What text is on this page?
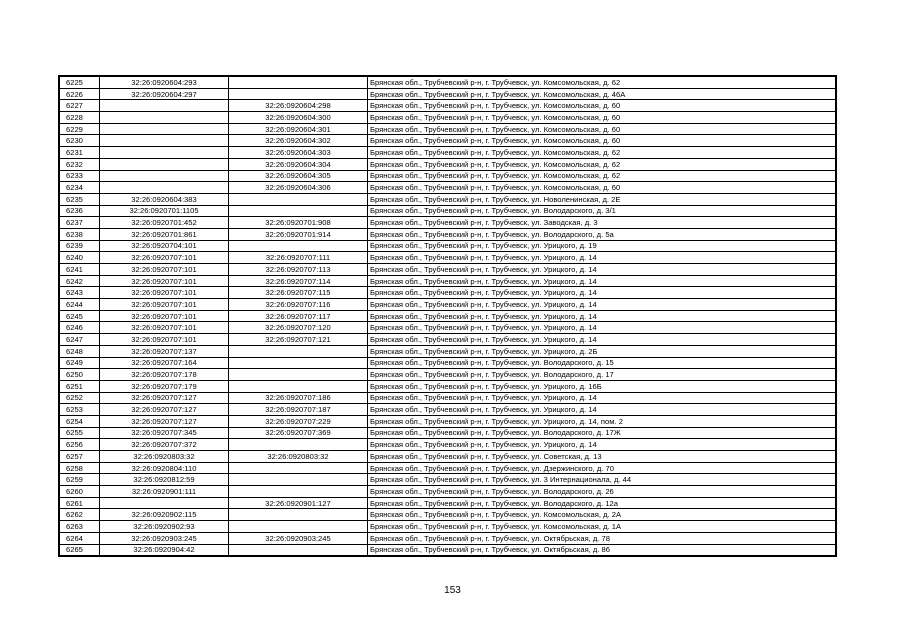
6225	32:26:0920604:293		Брянская обл., Трубчевский р-н, г. Трубчевск, ул. Комсомольская, д. 62
6226	32:26:0920604:297		Брянская обл., Трубчевский р-н, г. Трубчевск, ул. Комсомольская, д. 46А
6227		32:26:0920604:298	Брянская обл., Трубчевский р-н, г. Трубчевск, ул. Комсомольская, д. 60
6228		32:26:0920604:300	Брянская обл., Трубчевский р-н, г. Трубчевск, ул. Комсомольская, д. 60
6229		32:26:0920604:301	Брянская обл., Трубчевский р-н, г. Трубчевск, ул. Комсомольская, д. 60
6230		32:26:0920604:302	Брянская обл., Трубчевский р-н, г. Трубчевск, ул. Комсомольская, д. 60
6231		32:26:0920604:303	Брянская обл., Трубчевский р-н, г. Трубчевск, ул. Комсомольская, д. 62
6232		32:26:0920604:304	Брянская обл., Трубчевский р-н, г. Трубчевск, ул. Комсомольская, д. 62
6233		32:26:0920604:305	Брянская обл., Трубчевский р-н, г. Трубчевск, ул. Комсомольская, д. 62
6234		32:26:0920604:306	Брянская обл., Трубчевский р-н, г. Трубчевск, ул. Комсомольская, д. 60
6235	32:26:0920604:383		Брянская обл., Трубчевский р-н, г. Трубчевск, ул. Новоленинская, д. 2Е
6236	32:26:0920701:1105		Брянская обл., Трубчевский р-н, г. Трубчевск, ул. Володарского, д. 3/1
6237	32:26:0920701:452	32:26:0920701:908	Брянская обл., Трубчевский р-н, г. Трубчевск, ул. Заводская, д. 3
6238	32:26:0920701:861	32:26:0920701:914	Брянская обл., Трубчевский р-н, г. Трубчевск, ул. Володарского, д. 5а
6239	32:26:0920704:101		Брянская обл., Трубчевский р-н, г. Трубчевск, ул. Урицкого, д. 19
6240	32:26:0920707:101	32:26:0920707:111	Брянская обл., Трубчевский р-н, г. Трубчевск, ул. Урицкого, д. 14
6241	32:26:0920707:101	32:26:0920707:113	Брянская обл., Трубчевский р-н, г. Трубчевск, ул. Урицкого, д. 14
6242	32:26:0920707:101	32:26:0920707:114	Брянская обл., Трубчевский р-н, г. Трубчевск, ул. Урицкого, д. 14
6243	32:26:0920707:101	32:26:0920707:115	Брянская обл., Трубчевский р-н, г. Трубчевск, ул. Урицкого, д. 14
6244	32:26:0920707:101	32:26:0920707:116	Брянская обл., Трубчевский р-н, г. Трубчевск, ул. Урицкого, д. 14
6245	32:26:0920707:101	32:26:0920707:117	Брянская обл., Трубчевский р-н, г. Трубчевск, ул. Урицкого, д. 14
6246	32:26:0920707:101	32:26:0920707:120	Брянская обл., Трубчевский р-н, г. Трубчевск, ул. Урицкого, д. 14
6247	32:26:0920707:101	32:26:0920707:121	Брянская обл., Трубчевский р-н, г. Трубчевск, ул. Урицкого, д. 14
6248	32:26:0920707:137		Брянская обл., Трубчевский р-н, г. Трубчевск, ул. Урицкого, д. 2Б
6249	32:26:0920707:164		Брянская обл., Трубчевский р-н, г. Трубчевск, ул. Володарского, д. 15
6250	32:26:0920707:178		Брянская обл., Трубчевский р-н, г. Трубчевск, ул. Володарского, д. 17
6251	32:26:0920707:179		Брянская обл., Трубчевский р-н, г. Трубчевск, ул. Урицкого, д. 16Б
6252	32:26:0920707:127	32:26:0920707:186	Брянская обл., Трубчевский р-н, г. Трубчевск, ул. Урицкого, д. 14
6253	32:26:0920707:127	32:26:0920707:187	Брянская обл., Трубчевский р-н, г. Трубчевск, ул. Урицкого, д. 14
6254	32:26:0920707:127	32:26:0920707:229	Брянская обл., Трубчевский р-н, г. Трубчевск, ул. Урицкого, д. 14, пом. 2
6255	32:26:0920707:345	32:26:0920707:369	Брянская обл., Трубчевский р-н, г. Трубчевск, ул. Володарского, д. 17Ж
6256	32:26:0920707:372		Брянская обл., Трубчевский р-н, г. Трубчевск, ул. Урицкого, д. 14
6257	32:26:0920803:32	32:26:0920803:32	Брянская обл., Трубчевский р-н, г. Трубчевск, ул. Советская, д. 13
6258	32:26:0920804:110		Брянская обл., Трубчевский р-н, г. Трубчевск, ул. Дзержинского, д. 70
6259	32:26:0920812:59		Брянская обл., Трубчевский р-н, г. Трубчевск, ул. 3 Интернационала, д. 44
6260	32:26:0920901:111		Брянская обл., Трубчевский р-н, г. Трубчевск, ул. Володарского, д. 26
6261		32:26:0920901:127	Брянская обл., Трубчевский р-н, г. Трубчевск, ул. Володарского, д. 12а
6262	32:26:0920902:115		Брянская обл., Трубчевский р-н, г. Трубчевск, ул. Комсомольская, д. 2А
6263	32:26:0920902:93		Брянская обл., Трубчевский р-н, г. Трубчевск, ул. Комсомольская, д. 1А
6264	32:26:0920903:245	32:26:0920903:245	Брянская обл., Трубчевский р-н, г. Трубчевск, ул. Октябрьская, д. 78
6265	32:26:0920904:42		Брянская обл., Трубчевский р-н, г. Трубчевск, ул. Октябрьская, д. 86
153
